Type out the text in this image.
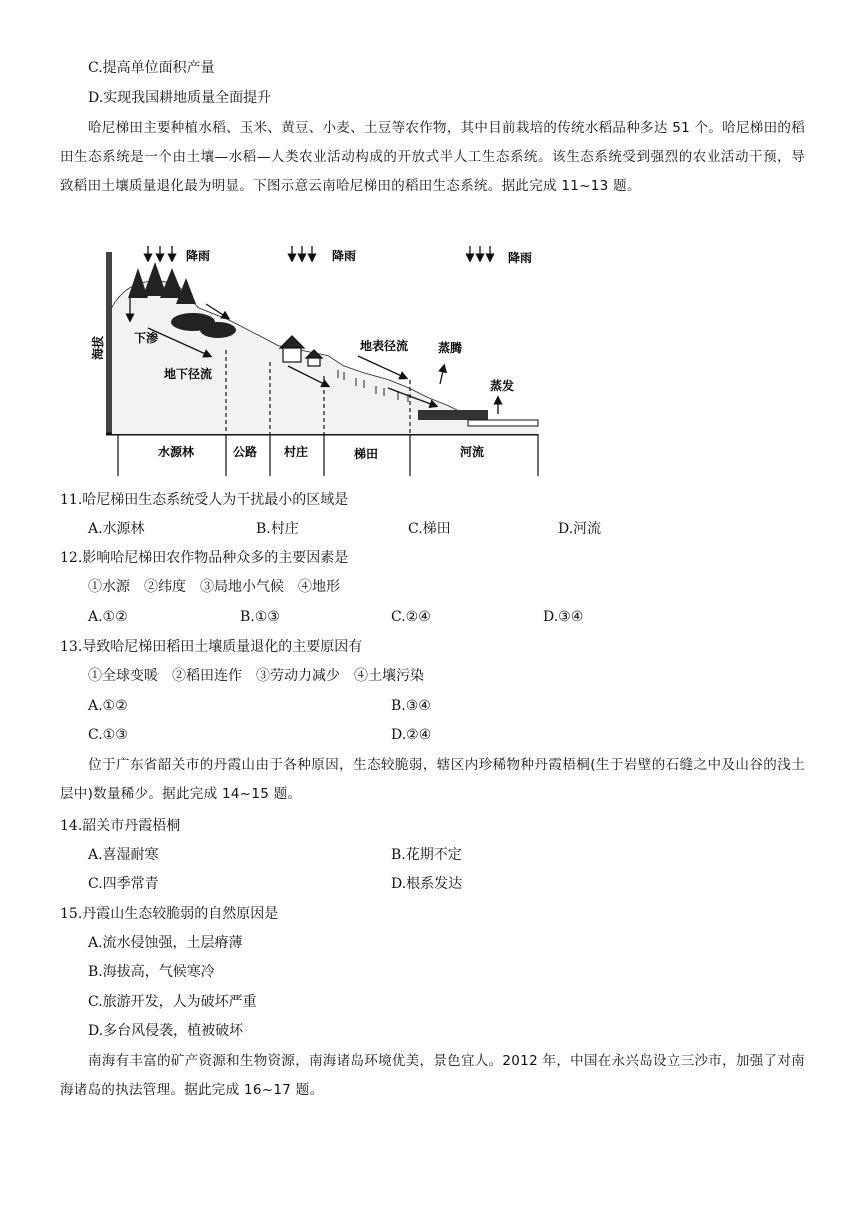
C.提高单位面积产量
D.实现我国耕地质量全面提升
哈尼梯田主要种植水稻、玉米、黄豆、小麦、土豆等农作物，其中目前栽培的传统水稻品种多达 51 个。哈尼梯田的稻田生态系统是一个由土壤—水稻—人类农业活动构成的开放式半人工生态系统。该生态系统受到强烈的农业活动干预，导致稻田土壤质量退化最为明显。下图示意云南哈尼梯田的稻田生态系统。据此完成 11~13 题。
降雨	降雨	降雨
海拔 下渗
地下径流
地表径流 蒸腾
蒸发
水源林	公路 村庄	梯田	河流
11.哈尼梯田生态系统受人为干扰最小的区域是
A.水源林	B.村庄	C.梯田	D.河流
12.影响哈尼梯田农作物品种众多的主要因素是
①水源　②纬度　③局地小气候　④地形
A.①②	B.①③	C.②④	D.③④
13.导致哈尼梯田稻田土壤质量退化的主要原因有
①全球变暖　②稻田连作　③劳动力减少　④土壤污染
A.①②	B.③④
C.①③	D.②④
位于广东省韶关市的丹霞山由于各种原因，生态较脆弱，辖区内珍稀物种丹霞梧桐(生于岩壁的石缝之中及山谷的浅土层中)数量稀少。据此完成 14~15 题。
14.韶关市丹霞梧桐
A.喜湿耐寒	B.花期不定
C.四季常青	D.根系发达
15.丹霞山生态较脆弱的自然原因是
A.流水侵蚀强，土层瘠薄
B.海拔高，气候寒冷
C.旅游开发，人为破坏严重
D.多台风侵袭，植被破坏
南海有丰富的矿产资源和生物资源，南海诸岛环境优美，景色宜人。2012 年，中国在永兴岛设立三沙市，加强了对南海诸岛的执法管理。据此完成 16~17 题。
